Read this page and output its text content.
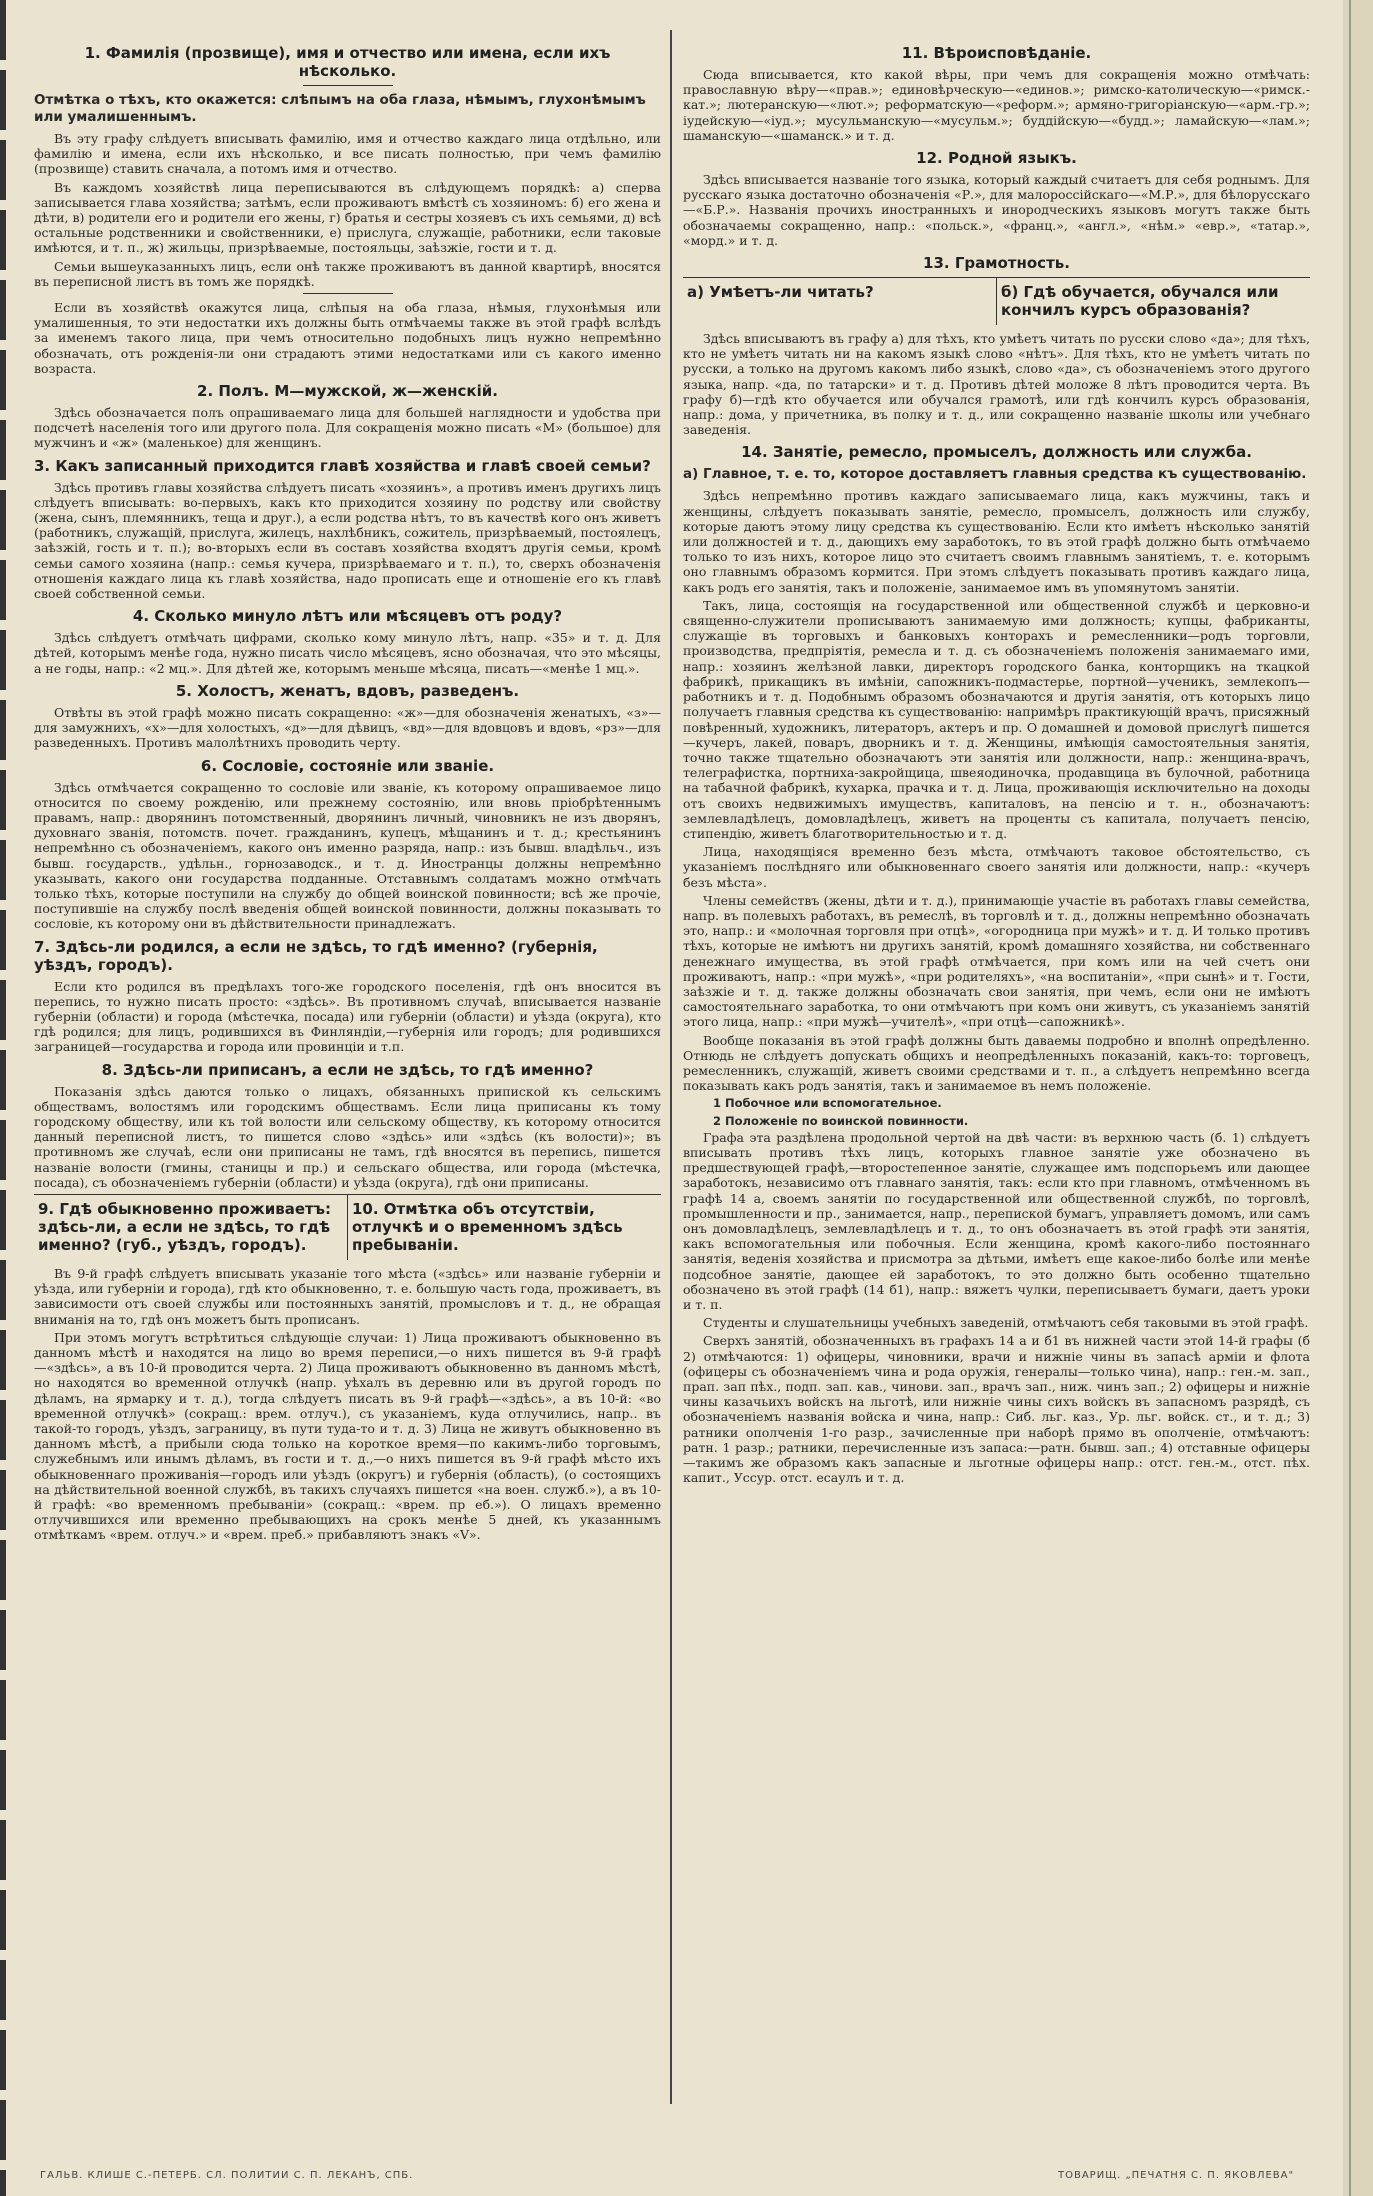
1. Фамилія (прозвище), имя и отчество или имена, если ихъ нѣсколько.
Отмѣтка о тѣхъ, кто окажется: слѣпымъ на оба глаза, нѣмымъ, глухонѣмымъ или умалишеннымъ.

Въ эту графу слѣдуетъ вписывать фамилію, имя и отчество каждаго лица отдѣльно, или фамилію и имена, если ихъ нѣсколько, и все писать полностью, при чемъ фамилію (прозвище) ставить сначала, а потомъ имя и отчество.

Въ каждомъ хозяйствѣ лица переписываются въ слѣдующемъ порядкѣ: а) сперва записывается глава хозяйства; затѣмъ, если проживаютъ вмѣстѣ съ хозяиномъ: б) его жена и дѣти, в) родители его и родители его жены, г) братья и сестры хозяевъ съ ихъ семьями, д) всѣ остальные родственники и свойственники, е) прислуга, служащіе, работники, если таковые имѣются, и т. п., ж) жильцы, призрѣваемые, постояльцы, заѣзжіе, гости и т. д.

Семьи вышеуказанныхъ лицъ, если онѣ также проживаютъ въ данной квартирѣ, вносятся въ переписной листъ въ томъ же порядкѣ.

Если въ хозяйствѣ окажутся лица, слѣпыя на оба глаза, нѣмыя, глухонѣмыя или умалишенныя, то эти недостатки ихъ должны быть отмѣчаемы также въ этой графѣ вслѣдъ за именемъ такого лица, при чемъ относительно подобныхъ лицъ нужно непремѣнно обозначать, отъ рожденія-ли они страдаютъ этими недостатками или съ какого именно возраста.

2. Полъ. М—мужской, ж—женскій.

Здѣсь обозначается полъ опрашиваемаго лица для большей наглядности и удобства при подсчетѣ населенія того или другого пола. Для сокращенія можно писать «М» (большое) для мужчинъ и «ж» (маленькое) для женщинъ.

3. Какъ записанный приходится главѣ хозяйства и главѣ своей семьи?

Здѣсь противъ главы хозяйства слѣдуетъ писать «хозяинъ», а противъ именъ другихъ лицъ слѣдуетъ вписывать: во-первыхъ, какъ кто приходится хозяину по родству или свойству (жена, сынъ, племянникъ, теща и друг.), а если родства нѣтъ, то въ качествѣ кого онъ живетъ (работникъ, служащій, прислуга, жилецъ, нахлѣбникъ, сожитель, призрѣваемый, постоялецъ, заѣзжій, гость и т. п.); во-вторыхъ если въ составъ хозяйства входятъ другія семьи, кромѣ семьи самого хозяина (напр.: семья кучера, призрѣваемаго и т. п.), то, сверхъ обозначенія отношенія каждаго лица къ главѣ хозяйства, надо прописать еще и отношеніе его къ главѣ своей собственной семьи.

4. Сколько минуло лѣтъ или мѣсяцевъ отъ роду?

Здѣсь слѣдуетъ отмѣчать цифрами, сколько кому минуло лѣтъ, напр. «35» и т. д. Для дѣтей, которымъ менѣе года, нужно писать число мѣсяцевъ, ясно обозначая, что это мѣсяцы, а не годы, напр.: «2 мц.». Для дѣтей же, которымъ меньше мѣсяца, писать—«менѣе 1 мц.».

5. Холостъ, женатъ, вдовъ, разведенъ.

Отвѣты въ этой графѣ можно писать сокращенно: «ж»—для обозначенія женатыхъ, «з»—для замужнихъ, «х»—для холостыхъ, «д»—для дѣвицъ, «вд»—для вдовцовъ и вдовъ, «рз»—для разведенныхъ. Противъ малолѣтнихъ проводить черту.

6. Сословіе, состояніе или званіе.

Здѣсь отмѣчается сокращенно то сословіе или званіе, къ которому опрашиваемое лицо относится по своему рожденію, или прежнему состоянію, или вновь пріобрѣтеннымъ правамъ, напр.: дворянинъ потомственный, дворянинъ личный, чиновникъ не изъ дворянъ, духовнаго званія, потомств. почет. гражданинъ, купецъ, мѣщанинъ и т. д.; крестьянинъ непремѣнно съ обозначеніемъ, какого онъ именно разряда, напр.: изъ бывш. владѣльч., изъ бывш. государств., удѣльн., горнозаводск., и т. д. Иностранцы должны непремѣнно указывать, какого они государства подданные. Отставнымъ солдатамъ можно отмѣчать только тѣхъ, которые поступили на службу до общей воинской повинности; всѣ же прочіе, поступившіе на службу послѣ введенія общей воинской повинности, должны показывать то сословіе, къ которому они въ дѣйствительности принадлежатъ.

7. Здѣсь-ли родился, а если не здѣсь, то гдѣ именно? (губернія, уѣздъ, городъ).

Если кто родился въ предѣлахъ того-же городского поселенія, гдѣ онъ вносится въ перепись, то нужно писать просто: «здѣсь». Въ противномъ случаѣ, вписывается названіе губерніи (области) и города (мѣстечка, посада) или губерніи (области) и уѣзда (округа), кто гдѣ родился; для лицъ, родившихся въ Финляндіи,—губернія или городъ; для родившихся заграницей—государства и города или провинціи и т.п.

8. Здѣсь-ли приписанъ, а если не здѣсь, то гдѣ именно?

Показанія здѣсь даются только о лицахъ, обязанныхъ припиской къ сельскимъ обществамъ, волостямъ или городскимъ обществамъ. Если лица приписаны къ тому городскому обществу, или къ той волости или сельскому обществу, къ которому относится данный переписной листъ, то пишется слово «здѣсь» или «здѣсь (къ волости)»; въ противномъ же случаѣ, если они приписаны не тамъ, гдѣ вносятся въ перепись, пишется названіе волости (гмины, станицы и пр.) и сельскаго общества, или города (мѣстечка, посада), съ обозначеніемъ губерніи (области) и уѣзда (округа), гдѣ они приписаны.

9. Гдѣ обыкновенно проживаетъ: здѣсь-ли, а если не здѣсь, то гдѣ именно? (губ., уѣздъ, городъ).
10. Отмѣтка объ отсутствіи, отлучкѣ и о временномъ здѣсь пребываніи.

Въ 9-й графѣ слѣдуетъ вписывать указаніе того мѣста («здѣсь» или названіе губерніи и уѣзда, или губерніи и города), гдѣ кто обыкновенно, т. е. большую часть года, проживаетъ, въ зависимости отъ своей службы или постоянныхъ занятій, промысловъ и т. д., не обращая вниманія на то, гдѣ онъ можетъ быть прописанъ.

При этомъ могутъ встрѣтиться слѣдующіе случаи: 1) Лица проживаютъ обыкновенно въ данномъ мѣстѣ и находятся на лицо во время переписи,—о нихъ пишется въ 9-й графѣ—«здѣсь», а въ 10-й проводится черта. 2) Лица проживаютъ обыкновенно въ данномъ мѣстѣ, но находятся во временной отлучкѣ (напр. уѣхалъ въ деревню или въ другой городъ по дѣламъ, на ярмарку и т. д.), тогда слѣдуетъ писать въ 9-й графѣ—«здѣсь», а въ 10-й: «во временной отлучкѣ» (сокращ.: врем. отлуч.), съ указаніемъ, куда отлучились, напр.. въ такой-то городъ, уѣздъ, заграницу, въ пути туда-то и т. д. 3) Лица не живутъ обыкновенно въ данномъ мѣстѣ, а прибыли сюда только на короткое время—по какимъ-либо торговымъ, служебнымъ или инымъ дѣламъ, въ гости и т. д.,—о нихъ пишется въ 9-й графѣ мѣсто ихъ обыкновеннаго проживанія—городъ или уѣздъ (округъ) и губернія (область), (о состоящихъ на дѣйствительной военной службѣ, въ такихъ случаяхъ пишется «на воен. служб.»), а въ 10-й графѣ: «во временномъ пребываніи» (сокращ.: «врем. пр еб.»). О лицахъ временно отлучившихся или временно пребывающихъ на срокъ менѣе 5 дней, къ указаннымъ отмѣткамъ «врем. отлуч.» и «врем. преб.» прибавляютъ знакъ «V».

11. Вѣроисповѣданіе.

Сюда вписывается, кто какой вѣры, при чемъ для сокращенія можно отмѣчать: православную вѣру—«прав.»; единовѣрческую—«единов.»; римско-католическую—«римск.-кат.»; лютеранскую—«лют.»; реформатскую—«реформ.»; армяно-григоріанскую—«арм.-гр.»; іудейскую—«іуд.»; мусульманскую—«мусульм.»; буддійскую—«будд.»; ламайскую—«лам.»; шаманскую—«шаманск.» и т. д.

12. Родной языкъ.

Здѣсь вписывается названіе того языка, который каждый считаетъ для себя роднымъ. Для русскаго языка достаточно обозначенія «Р.», для малороссійскаго—«М.Р.», для бѣлорусскаго—«Б.Р.». Названія прочихъ иностранныхъ и инородческихъ языковъ могутъ также быть обозначаемы сокращенно, напр.: «польск.», «франц.», «англ.», «нѣм.» «евр.», «татар.», «морд.» и т. д.

13. Грамотность.
а) Умѣетъ-ли читать?	б) Гдѣ обучается, обучался или кончилъ курсъ образованія?

Здѣсь вписываютъ въ графу а) для тѣхъ, кто умѣетъ читать по русски слово «да»; для тѣхъ, кто не умѣетъ читать ни на какомъ языкѣ слово «нѣтъ». Для тѣхъ, кто не умѣетъ читать по русски, а только на другомъ какомъ либо языкѣ, слово «да», съ обозначеніемъ этого другого языка, напр. «да, по татарски» и т. д. Противъ дѣтей моложе 8 лѣтъ проводится черта. Въ графу б)—гдѣ кто обучается или обучался грамотѣ, или гдѣ кончилъ курсъ образованія, напр.: дома, у причетника, въ полку и т. д., или сокращенно названіе школы или учебнаго заведенія.

14. Занятіе, ремесло, промыселъ, должность или служба.
а) Главное, т. е. то, которое доставляетъ главныя средства къ существованію.

Здѣсь непремѣнно противъ каждаго записываемаго лица, какъ мужчины, такъ и женщины, слѣдуетъ показывать занятіе, ремесло, промыселъ, должность или службу, которые даютъ этому лицу средства къ существованію. Если кто имѣетъ нѣсколько занятій или должностей и т. д., дающихъ ему заработокъ, то въ этой графѣ должно быть отмѣчаемо только то изъ нихъ, которое лицо это считаетъ своимъ главнымъ занятіемъ, т. е. которымъ оно главнымъ образомъ кормится. При этомъ слѣдуетъ показывать противъ каждаго лица, какъ родъ его занятія, такъ и положеніе, занимаемое имъ въ упомянутомъ занятіи.

Такъ, лица, состоящія на государственной или общественной службѣ и церковно-и священно-служители прописываютъ занимаемую ими должность; купцы, фабриканты, служащіе въ торговыхъ и банковыхъ конторахъ и ремесленники—родъ торговли, производства, предпріятія, ремесла и т. д. съ обозначеніемъ положенія занимаемаго ими, напр.: хозяинъ желѣзной лавки, директоръ городского банка, конторщикъ на ткацкой фабрикѣ, прикащикъ въ имѣніи, сапожникъ-подмастерье, портной—ученикъ, землекопъ—работникъ и т. д. Подобнымъ образомъ обозначаются и другія занятія, отъ которыхъ лицо получаетъ главныя средства къ существованію: напримѣръ практикующій врачъ, присяжный повѣренный, художникъ, литераторъ, актеръ и пр. О домашней и домовой прислугѣ пишется—кучеръ, лакей, поваръ, дворникъ и т. д. Женщины, имѣющія самостоятельныя занятія, точно также тщательно обозначаютъ эти занятія или должности, напр.: женщина-врачъ, телеграфистка, портниха-закройщица, швеяодиночка, продавщица въ булочной, работница на табачной фабрикѣ, кухарка, прачка и т. д. Лица, проживающія исключительно на доходы отъ своихъ недвижимыхъ имуществъ, капиталовъ, на пенсію и т. н., обозначаютъ: землевладѣлецъ, домовладѣлецъ, живетъ на проценты съ капитала, получаетъ пенсію, стипендію, живетъ благотворительностью и т. д.

Лица, находящіяся временно безъ мѣста, отмѣчаютъ таковое обстоятельство, съ указаніемъ послѣдняго или обыкновеннаго своего занятія или должности, напр.: «кучеръ безъ мѣста».

Члены семействъ (жены, дѣти и т. д.), принимающіе участіе въ работахъ главы семейства, напр. въ полевыхъ работахъ, въ ремеслѣ, въ торговлѣ и т. д., должны непремѣнно обозначать это, напр.: и «молочная торговля при отцѣ», «огородница при мужѣ» и т. д. И только противъ тѣхъ, которые не имѣютъ ни другихъ занятій, кромѣ домашняго хозяйства, ни собственнаго денежнаго имущества, въ этой графѣ отмѣчается, при комъ или на чей счетъ они проживаютъ, напр.: «при мужѣ», «при родителяхъ», «на воспитаніи», «при сынѣ» и т. Гости, заѣзжіе и т. д. также должны обозначать свои занятія, при чемъ, если они не имѣютъ самостоятельнаго заработка, то они отмѣчаютъ при комъ они живутъ, съ указаніемъ занятій этого лица, напр.: «при мужѣ—учителѣ», «при отцѣ—сапожникѣ».

Вообще показанія въ этой графѣ должны быть даваемы подробно и вполнѣ опредѣленно. Отнюдь не слѣдуетъ допускать общихъ и неопредѣленныхъ показаній, какъ-то: торговецъ, ремесленникъ, служащій, живетъ своими средствами и т. п., а слѣдуетъ непремѣнно всегда показывать какъ родъ занятія, такъ и занимаемое въ немъ положеніе.

1 Побочное или вспомогательное.

2 Положеніе по воинской повинности.

Графа эта раздѣлена продольной чертой на двѣ части: въ верхнюю часть (б. 1) слѣдуетъ вписывать противъ тѣхъ лицъ, которыхъ главное занятіе уже обозначено въ предшествующей графѣ,—второстепенное занятіе, служащее имъ подспорьемъ или дающее заработокъ, независимо отъ главнаго занятія, такъ: если кто при главномъ, отмѣченномъ въ графѣ 14 а, своемъ занятіи по государственной или общественной службѣ, по торговлѣ, промышленности и пр., занимается, напр., перепиской бумагъ, управляетъ домомъ, или самъ онъ домовладѣлецъ, землевладѣлецъ и т. д., то онъ обозначаетъ въ этой графѣ эти занятія, какъ вспомогательныя или побочныя. Если женщина, кромѣ какого-либо постояннаго занятія, веденія хозяйства и присмотра за дѣтьми, имѣетъ еще какое-либо болѣе или менѣе подсобное занятіе, дающее ей заработокъ, то это должно быть особенно тщательно обозначено въ этой графѣ (14 б1), напр.: вяжетъ чулки, переписываетъ бумаги, даетъ уроки и т. п.

Студенты и слушательницы учебныхъ заведеній, отмѣчаютъ себя таковыми въ этой графѣ.

Сверхъ занятій, обозначенныхъ въ графахъ 14 а и б1 въ нижней части этой 14-й графы (б 2) отмѣчаются: 1) офицеры, чиновники, врачи и нижніе чины въ запасѣ арміи и флота (офицеры съ обозначеніемъ чина и рода оружія, генералы—только чина), напр.: ген.-м. зап., прап. зап пѣх., подп. зап. кав., чинови. зап., врачъ зап., ниж. чинъ зап.; 2) офицеры и нижніе чины казачьихъ войскъ на льготѣ, или нижніе чины сихъ войскъ въ запасномъ разрядѣ, съ обозначеніемъ названія войска и чина, напр.: Сиб. льг. каз., Ур. льг. войск. ст., и т. д.; 3) ратники ополченія 1-го разр., зачисленные при наборѣ прямо въ ополченіе, отмѣчаютъ: ратн. 1 разр.; ратники, перечисленные изъ запаса:—ратн. бывш. зап.; 4) отставные офицеры—такимъ же образомъ какъ запасные и льготные офицеры напр.: отст. ген.-м., отст. пѣх. капит., Уссур. отст. есаулъ и т. д.

ГАЛЬВ. КЛИШЕ С.-ПЕТЕРБ. СЛ. ПОЛИТИИ С. П. ЛЕКАНЪ, СПБ.	ТОВАРИЩ. „ПЕЧАТНЯ С. П. ЯКОВЛЕВА"
